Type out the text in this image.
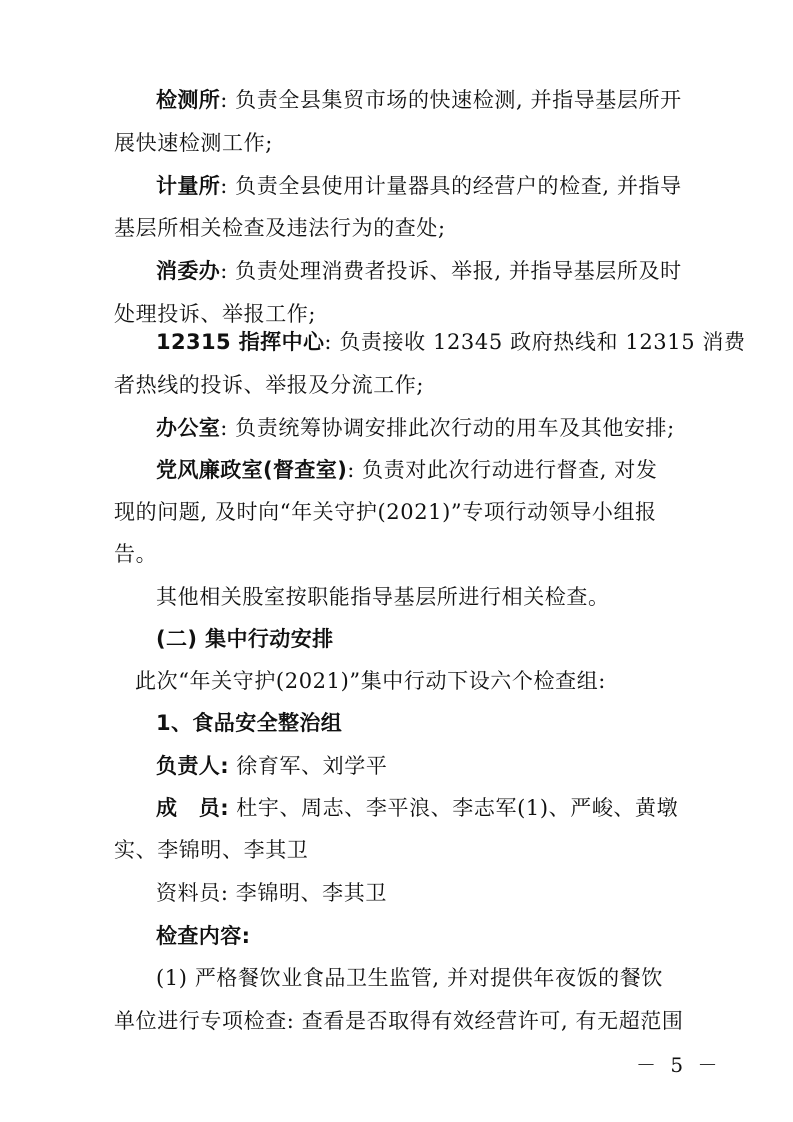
检测所: 负责全县集贸市场的快速检测, 并指导基层所开
展快速检测工作;
计量所: 负责全县使用计量器具的经营户的检查, 并指导
基层所相关检查及违法行为的查处;
消委办: 负责处理消费者投诉、举报, 并指导基层所及时
处理投诉、举报工作;
12315 指挥中心: 负责接收 12345 政府热线和 12315 消费
者热线的投诉、举报及分流工作;
办公室: 负责统筹协调安排此次行动的用车及其他安排;
党风廉政室(督查室): 负责对此次行动进行督查, 对发
现的问题, 及时向“年关守护(2021)”专项行动领导小组报
告。
其他相关股室按职能指导基层所进行相关检查。
(二) 集中行动安排
此次“年关守护(2021)”集中行动下设六个检查组:
1、食品安全整治组
负责人: 徐育军、刘学平
成　员: 杜宇、周志、李平浪、李志军(1)、严峻、黄墩
实、李锦明、李其卫
资料员: 李锦明、李其卫
检查内容:
(1) 严格餐饮业食品卫生监管, 并对提供年夜饭的餐饮
单位进行专项检查: 查看是否取得有效经营许可, 有无超范围
－ 5 －
